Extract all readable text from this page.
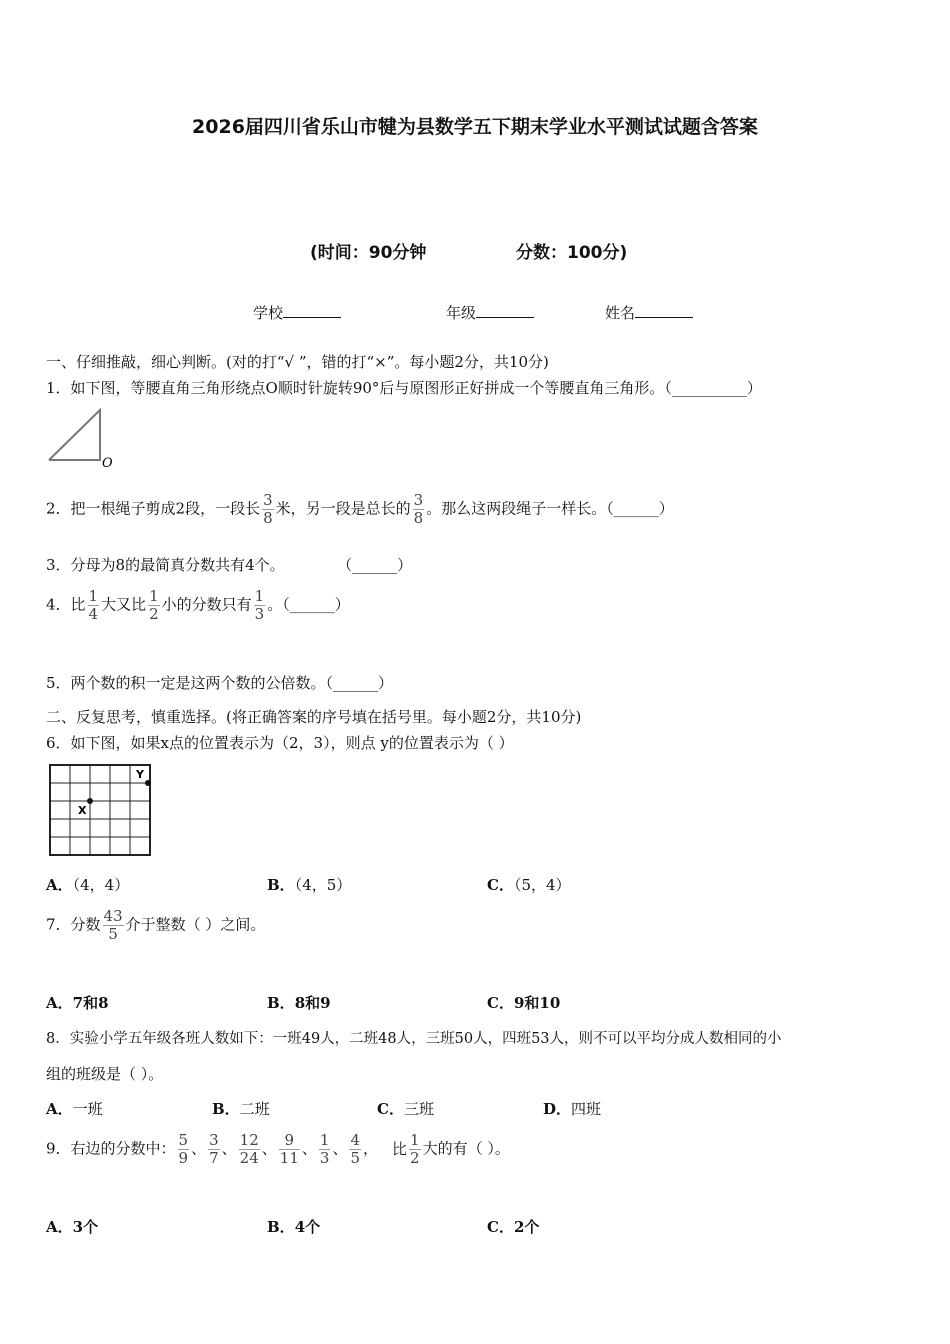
2026届四川省乐山市犍为县数学五下期末学业水平测试试题含答案
(时间：90分钟	分数：100分)
学校	年级	姓名
一、仔细推敲，细心判断。(对的打“√ ”，错的打“×”。每小题2分，共10分)
1．如下图，等腰直角三角形绕点O顺时针旋转90°后与原图形正好拼成一个等腰直角三角形。（__________）
O
2．把一根绳子剪成2段，一段长 $\frac{3}{8}$ 米，另一段是总长的 $\frac{3}{8}$ 。那么这两段绳子一样长。（______）
3．分母为8的最简真分数共有4个。	（______）
4．比 $\frac{1}{4}$ 大又比 $\frac{1}{2}$ 小的分数只有 $\frac{1}{3}$ 。（______）
5．两个数的积一定是这两个数的公倍数。（______）
二、反复思考，慎重选择。(将正确答案的序号填在括号里。每小题2分，共10分)
6．如下图，如果x点的位置表示为（2，3），则点 y的位置表示为（ ）
X
Y
A．（4，4）	B．（4，5）	C．（5，4）
7．分数 $\frac{43}{5}$ 介于整数（ ）之间。
A．7和8	B．8和9	C．9和10
8．实验小学五年级各班人数如下：一班49人，二班48人，三班50人，四班53人，则不可以平均分成人数相同的小
组的班级是（ ）。
A．一班	B．二班	C．三班	D．四班
9．右边的分数中： $\frac{5}{9}$ 、 $\frac{3}{7}$ 、 $\frac{12}{24}$ 、 $\frac{9}{11}$ 、 $\frac{1}{3}$ 、 $\frac{4}{5}$ ， 比 $\frac{1}{2}$ 大的有（ ）。
A．3个	B．4个	C．2个
